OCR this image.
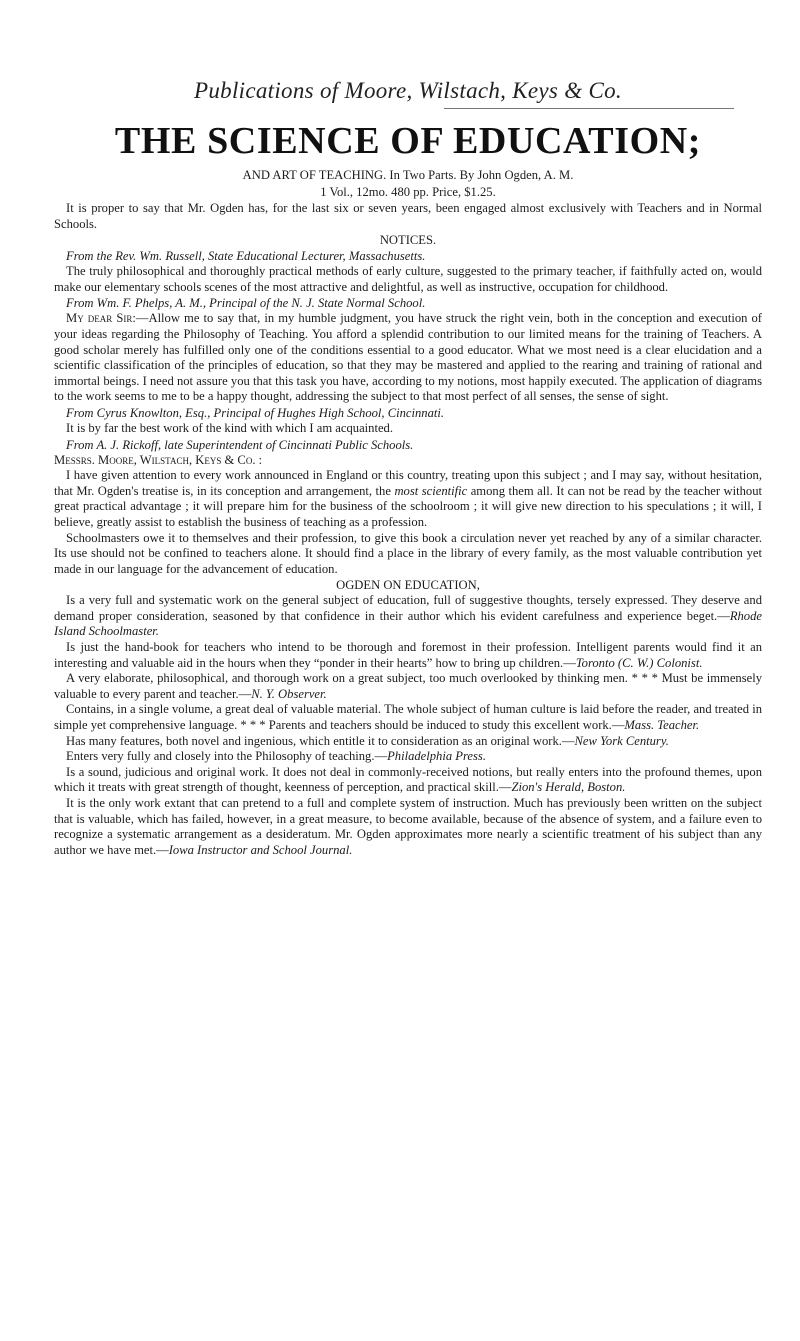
Publications of Moore, Wilstach, Keys & Co.
THE SCIENCE OF EDUCATION;

AND ART OF TEACHING. In Two Parts. By John Ogden, A. M.

1 Vol., 12mo. 480 pp. Price, $1.25.

It is proper to say that Mr. Ogden has, for the last six or seven years, been engaged almost exclusively with Teachers and in Normal Schools.

NOTICES.
From the Rev. Wm. Russell, State Educational Lecturer, Massachusetts.

The truly philosophical and thoroughly practical methods of early culture, suggested to the primary teacher, if faithfully acted on, would make our elementary schools scenes of the most attractive and delightful, as well as instructive, occupation for childhood.

From Wm. F. Phelps, A. M., Principal of the N. J. State Normal School.

My dear Sir:—Allow me to say that, in my humble judgment, you have struck the right vein, both in the conception and execution of your ideas regarding the Philosophy of Teaching. You afford a splendid contribution to our limited means for the training of Teachers. A good scholar merely has fulfilled only one of the conditions essential to a good educator. What we most need is a clear elucidation and a scientific classification of the principles of education, so that they may be mastered and applied to the rearing and training of rational and immortal beings. I need not assure you that this task you have, according to my notions, most happily executed. The application of diagrams to the work seems to me to be a happy thought, addressing the subject to that most perfect of all senses, the sense of sight.

From Cyrus Knowlton, Esq., Principal of Hughes High School, Cincinnati.

It is by far the best work of the kind with which I am acquainted.

From A. J. Rickoff, late Superintendent of Cincinnati Public Schools.

Messrs. Moore, Wilstach, Keys & Co. :

I have given attention to every work announced in England or this country, treating upon this subject ; and I may say, without hesitation, that Mr. Ogden's treatise is, in its conception and arrangement, the most scientific among them all. It can not be read by the teacher without great practical advantage ; it will prepare him for the business of the schoolroom ; it will give new direction to his speculations ; it will, I believe, greatly assist to establish the business of teaching as a profession.

Schoolmasters owe it to themselves and their profession, to give this book a circulation never yet reached by any of a similar character. Its use should not be confined to teachers alone. It should find a place in the library of every family, as the most valuable contribution yet made in our language for the advancement of education.

OGDEN ON EDUCATION,

Is a very full and systematic work on the general subject of education, full of suggestive thoughts, tersely expressed. They deserve and demand proper consideration, seasoned by that confidence in their author which his evident carefulness and experience beget.—Rhode Island Schoolmaster.

Is just the hand-book for teachers who intend to be thorough and foremost in their profession. Intelligent parents would find it an interesting and valuable aid in the hours when they “ponder in their hearts” how to bring up children.—Toronto (C. W.) Colonist.

A very elaborate, philosophical, and thorough work on a great subject, too much overlooked by thinking men. * * * Must be immensely valuable to every parent and teacher.—N. Y. Observer.

Contains, in a single volume, a great deal of valuable material. The whole subject of human culture is laid before the reader, and treated in simple yet comprehensive language. * * * Parents and teachers should be induced to study this excellent work.—Mass. Teacher.

Has many features, both novel and ingenious, which entitle it to consideration as an original work.—New York Century.

Enters very fully and closely into the Philosophy of teaching.—Philadelphia Press.

Is a sound, judicious and original work. It does not deal in commonly-received notions, but really enters into the profound themes, upon which it treats with great strength of thought, keenness of perception, and practical skill.—Zion's Herald, Boston.

It is the only work extant that can pretend to a full and complete system of instruction. Much has previously been written on the subject that is valuable, which has failed, however, in a great measure, to become available, because of the absence of system, and a failure even to recognize a systematic arrangement as a desideratum. Mr. Ogden approximates more nearly a scientific treatment of his subject than any author we have met.—Iowa Instructor and School Journal.
